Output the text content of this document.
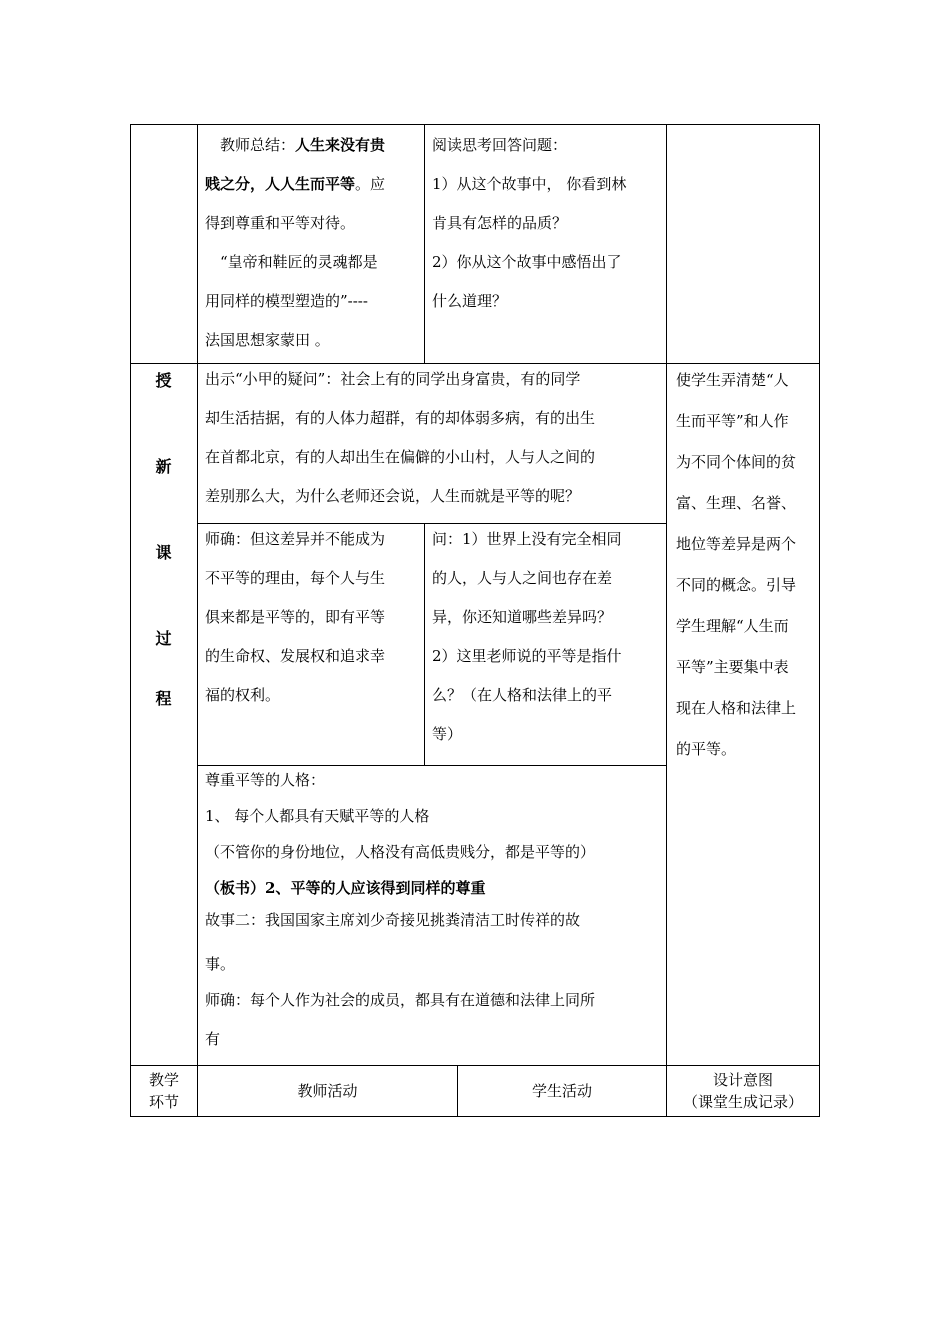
教师总结：人生来没有贵

贱之分，人人生而平等。应

得到尊重和平等对待。

“皇帝和鞋匠的灵魂都是

用同样的模型塑造的”----

法国思想家蒙田 。

阅读思考回答问题：

1）从这个故事中， 你看到林

肯具有怎样的品质？

2）你从这个故事中感悟出了

什么道理？

授
新
课
过
程

出示“小甲的疑问”：社会上有的同学出身富贵，有的同学

却生活拮据，有的人体力超群，有的却体弱多病，有的出生

在首都北京，有的人却出生在偏僻的小山村，人与人之间的

差别那么大，为什么老师还会说，人生而就是平等的呢？

师确：但这差异并不能成为

不平等的理由，每个人与生

俱来都是平等的，即有平等

的生命权、发展权和追求幸

福的权利。

问：1）世界上没有完全相同

的人，人与人之间也存在差

异，你还知道哪些差异吗？

2）这里老师说的平等是指什

么？（在人格和法律上的平

等）

使学生弄清楚“人

生而平等”和人作

为不同个体间的贫

富、生理、名誉、

地位等差异是两个

不同的概念。引导

学生理解“人生而

平等”主要集中表

现在人格和法律上

的平等。

尊重平等的人格：

1、 每个人都具有天赋平等的人格

（不管你的身份地位，人格没有高低贵贱分，都是平等的）

（板书）2、平等的人应该得到同样的尊重

故事二：我国国家主席刘少奇接见挑粪清洁工时传祥的故

事。

师确：每个人作为社会的成员，都具有在道德和法律上同所

有

教学
环节
教师活动	学生活动
设计意图
（课堂生成记录）
